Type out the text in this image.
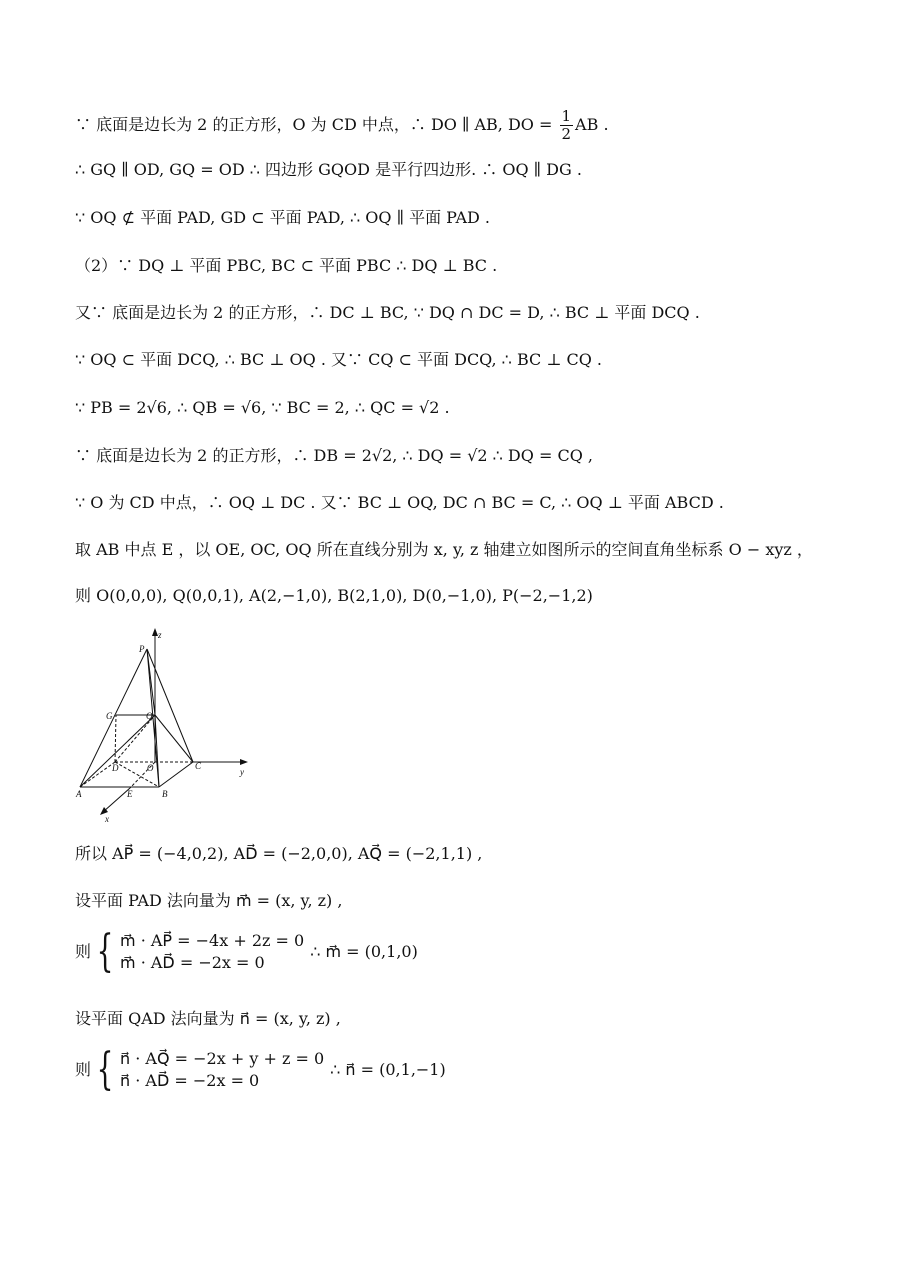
∵ 底面是边长为 2 的正方形，O 为 CD 中点，∴ DO ∥ AB, DO = $\frac{1}{2}$ AB .
∴ GQ ∥ OD, GQ = OD ∴ 四边形 GQOD 是平行四边形. ∴ OQ ∥ DG .
∵ OQ ⊄ 平面 PAD, GD ⊂ 平面 PAD, ∴ OQ ∥ 平面 PAD .
（2）∵ DQ ⊥ 平面 PBC, BC ⊂ 平面 PBC ∴ DQ ⊥ BC .
又∵ 底面是边长为 2 的正方形，∴ DC ⊥ BC, ∵ DQ ∩ DC = D, ∴ BC ⊥ 平面 DCQ .
∵ OQ ⊂ 平面 DCQ, ∴ BC ⊥ OQ . 又∵ CQ ⊂ 平面 DCQ, ∴ BC ⊥ CQ .
∵ PB = 2√6, ∴ QB = √6, ∵ BC = 2, ∴ QC = √2 .
∵ 底面是边长为 2 的正方形，∴ DB = 2√2, ∴ DQ = √2 ∴ DQ = CQ ,
∵ O 为 CD 中点，∴ OQ ⊥ DC . 又∵ BC ⊥ OQ, DC ∩ BC = C, ∴ OQ ⊥ 平面 ABCD .
取 AB 中点 E ，以 OE, OC, OQ 所在直线分别为 x, y, z 轴建立如图所示的空间直角坐标系 O − xyz ，
则 O(0,0,0), Q(0,0,1), A(2,−1,0), B(2,1,0), D(0,−1,0), P(−2,−1,2)
z
P
G	Q
D	O	C
y
A	E	B
x
所以 AP⃗ = (−4,0,2), AD⃗ = (−2,0,0), AQ⃗ = (−2,1,1) ,
设平面 PAD 法向量为 m⃗ = (x, y, z) ,
则 { m⃗ · AP⃗ = −4x + 2z = 0
m⃗ · AD⃗ = −2x = 0
∴ m⃗ = (0,1,0)
设平面 QAD 法向量为 n⃗ = (x, y, z) ,
则 { n⃗ · AQ⃗ = −2x + y + z = 0
n⃗ · AD⃗ = −2x = 0
∴ n⃗ = (0,1,−1)
